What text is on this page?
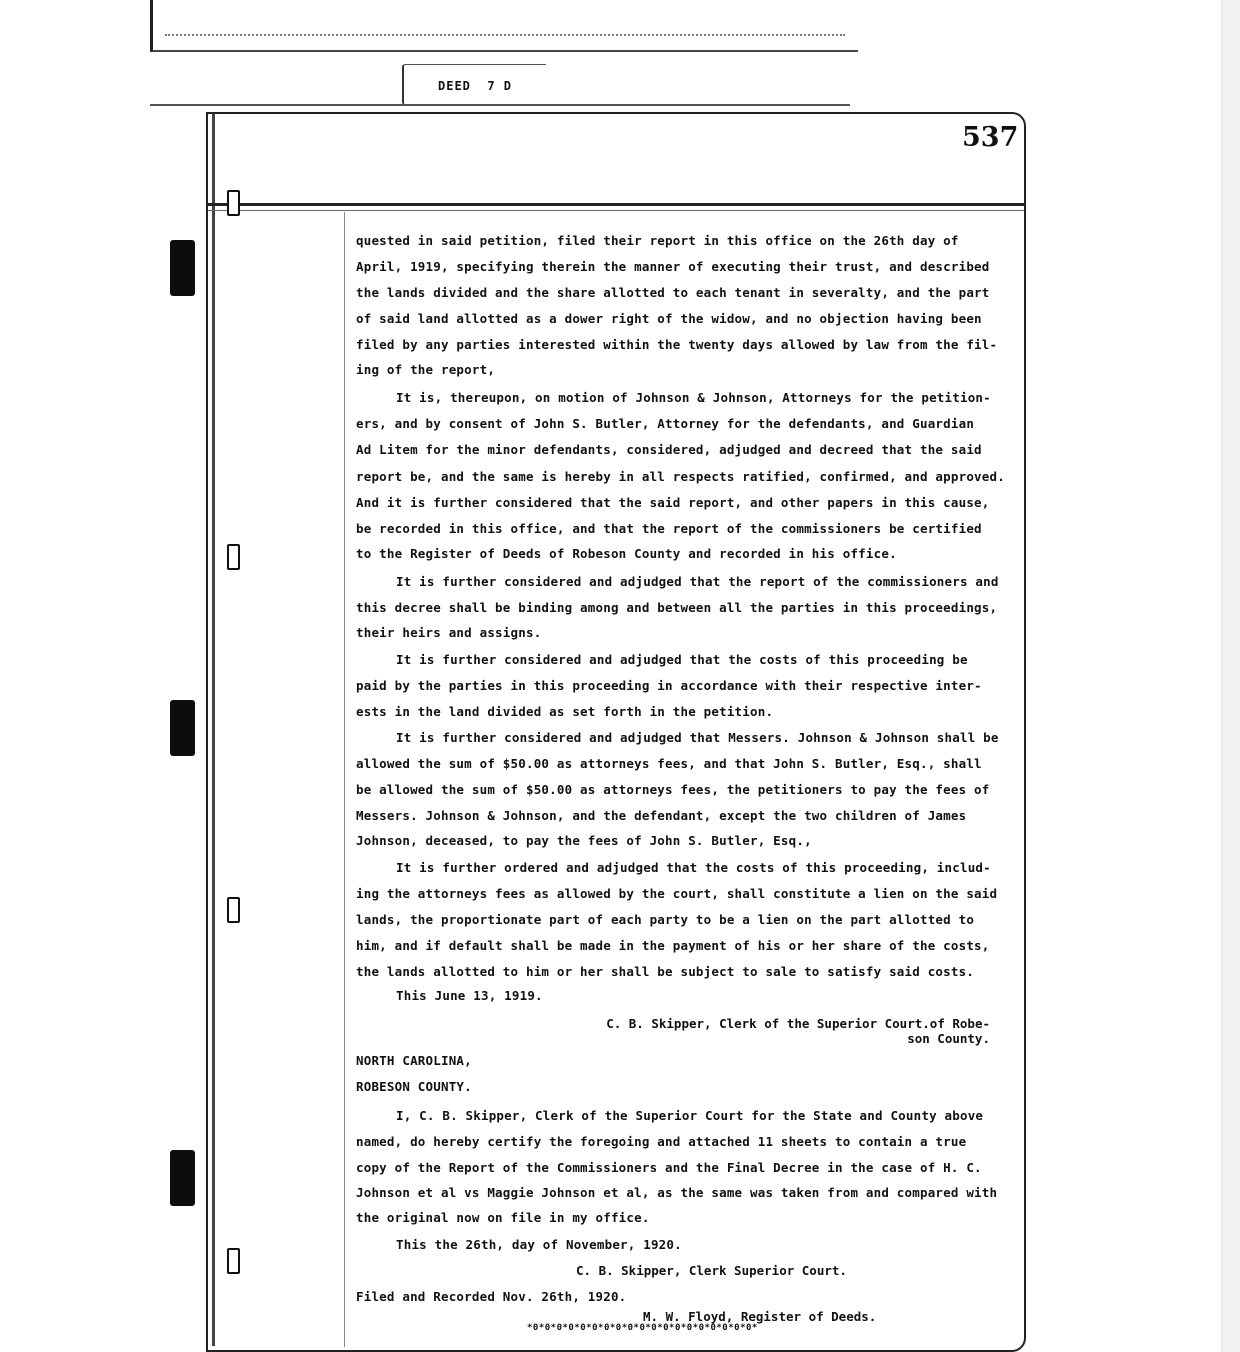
DEED  7 D
537
quested in said petition, filed their report in this office on the 26th day of
April, 1919, specifying therein the manner of executing their trust, and described
the lands divided and the share allotted to each tenant in severalty, and the part
of said land allotted as a dower right of the widow, and no objection having been
filed by any parties interested within the twenty days allowed by law from the fil-
ing of the report,
It is, thereupon, on motion of Johnson & Johnson, Attorneys for the petition-
ers, and by consent of John S. Butler, Attorney for the defendants, and Guardian
Ad Litem for the minor defendants, considered, adjudged and decreed that the said
report be, and the same is hereby in all respects ratified, confirmed, and approved.
And it is further considered that the said report, and other papers in this cause,
be recorded in this office, and that the report of the commissioners be certified
to the Register of Deeds of Robeson County and recorded in his office.
It is further considered and adjudged that the report of the commissioners and
this decree shall be binding among and between all the parties in this proceedings,
their heirs and assigns.
It is further considered and adjudged that the costs of this proceeding be
paid by the parties in this proceeding in accordance with their respective inter-
ests in the land divided as set forth in the petition.
It is further considered and adjudged that Messers. Johnson & Johnson shall be
allowed the sum of $50.00 as attorneys fees, and that John S. Butler, Esq., shall
be allowed the sum of $50.00 as attorneys fees, the petitioners to pay the fees of
Messers. Johnson & Johnson, and the defendant, except the two children of James
Johnson, deceased, to pay the fees of John S. Butler, Esq.,
It is further ordered and adjudged that the costs of this proceeding, includ-
ing the attorneys fees as allowed by the court, shall constitute a lien on the said
lands, the proportionate part of each party to be a lien on the part allotted to
him, and if default shall be made in the payment of his or her share of the costs,
the lands allotted to him or her shall be subject to sale to satisfy said costs.
This June 13, 1919.
C. B. Skipper, Clerk of the Superior Court.of Robe-
son County.
NORTH CAROLINA,
ROBESON COUNTY.
I, C. B. Skipper, Clerk of the Superior Court for the State and County above
named, do hereby certify the foregoing and attached 11 sheets to contain a true
copy of the Report of the Commissioners and the Final Decree in the case of H. C.
Johnson et al vs Maggie Johnson et al, as the same was taken from and compared with
the original now on file in my office.
This the 26th, day of November, 1920.
C. B. Skipper, Clerk Superior Court.
Filed and Recorded Nov. 26th, 1920.
M. W. Floyd, Register of Deeds.
*0*0*0*0*0*0*0*0*0*0*0*0*0*0*0*0*0*0*0*
